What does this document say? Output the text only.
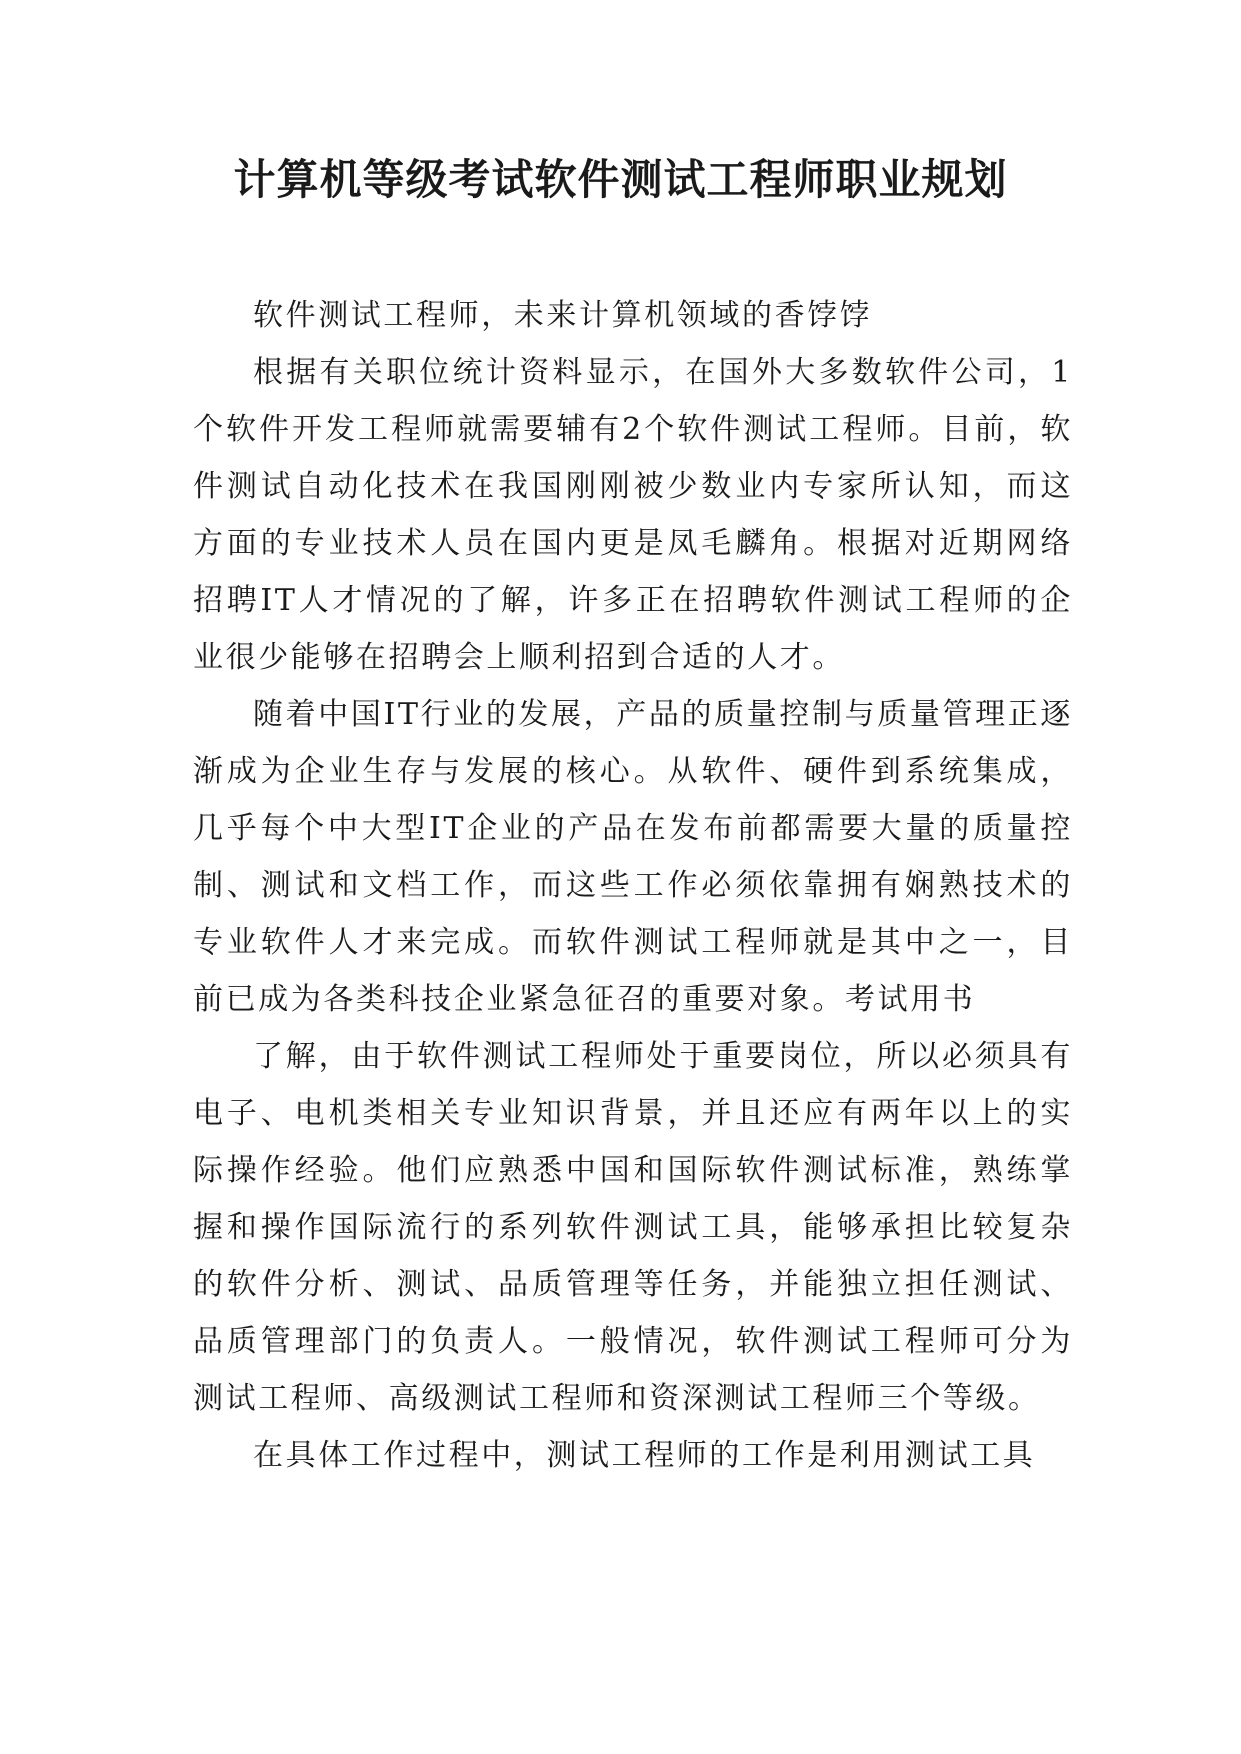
计算机等级考试软件测试工程师职业规划

软件测试工程师，未来计算机领域的香饽饽

根据有关职位统计资料显示，在国外大多数软件公司，1个软件开发工程师就需要辅有2个软件测试工程师。目前，软件测试自动化技术在我国刚刚被少数业内专家所认知，而这方面的专业技术人员在国内更是凤毛麟角。根据对近期网络招聘IT人才情况的了解，许多正在招聘软件测试工程师的企业很少能够在招聘会上顺利招到合适的人才。

随着中国IT行业的发展，产品的质量控制与质量管理正逐渐成为企业生存与发展的核心。从软件、硬件到系统集成，几乎每个中大型IT企业的产品在发布前都需要大量的质量控制、测试和文档工作，而这些工作必须依靠拥有娴熟技术的专业软件人才来完成。而软件测试工程师就是其中之一，目前已成为各类科技企业紧急征召的重要对象。考试用书

了解，由于软件测试工程师处于重要岗位，所以必须具有电子、电机类相关专业知识背景，并且还应有两年以上的实际操作经验。他们应熟悉中国和国际软件测试标准，熟练掌握和操作国际流行的系列软件测试工具，能够承担比较复杂的软件分析、测试、品质管理等任务，并能独立担任测试、品质管理部门的负责人。一般情况，软件测试工程师可分为测试工程师、高级测试工程师和资深测试工程师三个等级。

在具体工作过程中，测试工程师的工作是利用测试工具
